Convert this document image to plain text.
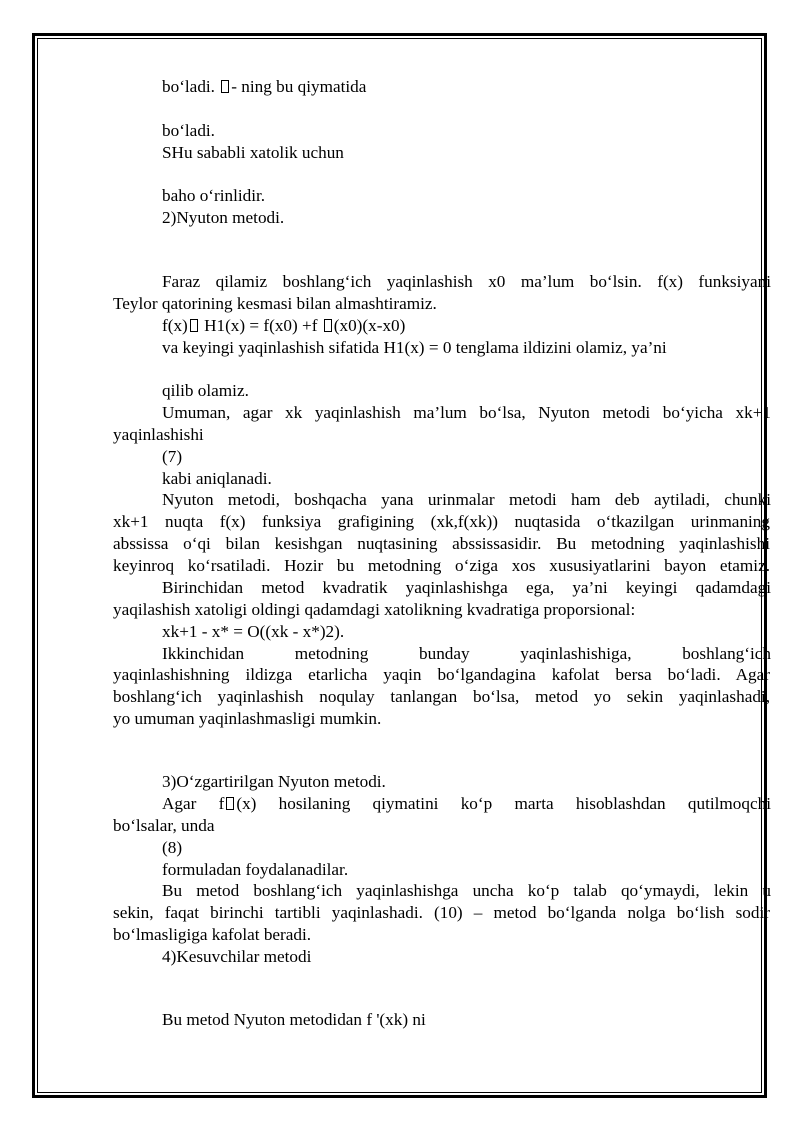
bo‘ladi. - ning bu qiymatida
bo‘ladi.
SHu sababli xatolik uchun
baho o‘rinlidir.
2)Nyuton metodi.
Faraz qilamiz boshlang‘ich yaqinlashish x0 ma’lum bo‘lsin. f(x) funksiyani
Teylor qatorining kesmasi bilan almashtiramiz.
f(x) H1(x) = f(x0) +f (x0)(x-x0)
va keyingi yaqinlashish sifatida H1(x) = 0 tenglama ildizini olamiz, ya’ni
qilib olamiz.
Umuman, agar xk yaqinlashish ma’lum bo‘lsa, Nyuton metodi bo‘yicha xk+1
yaqinlashishi
(7)
kabi aniqlanadi.
Nyuton metodi, boshqacha yana urinmalar metodi ham deb aytiladi, chunki
xk+1 nuqta f(x) funksiya grafigining (xk,f(xk)) nuqtasida o‘tkazilgan urinmaning
abssissa o‘qi bilan kesishgan nuqtasining abssissasidir. Bu metodning yaqinlashishi
keyinroq ko‘rsatiladi. Hozir bu metodning o‘ziga xos xususiyatlarini bayon etamiz.
Birinchidan metod kvadratik yaqinlashishga ega, ya’ni keyingi qadamdagi
yaqilashish xatoligi oldingi qadamdagi xatolikning kvadratiga proporsional:
xk+1 - x* = O((xk - x*)2).
Ikkinchidan metodning bunday yaqinlashishiga, boshlang‘ich
yaqinlashishning ildizga etarlicha yaqin bo‘lgandagina kafolat bersa bo‘ladi. Agar
boshlang‘ich yaqinlashish noqulay tanlangan bo‘lsa, metod yo sekin yaqinlashadi,
yo umuman yaqinlashmasligi mumkin.
3)O‘zgartirilgan Nyuton metodi.
Agar f (x) hosilaning qiymatini ko‘p marta hisoblashdan qutilmoqchi
bo‘lsalar, unda
(8)
formuladan foydalanadilar.
Bu metod boshlang‘ich yaqinlashishga uncha ko‘p talab qo‘ymaydi, lekin u
sekin, faqat birinchi tartibli yaqinlashadi. (10) – metod bo‘lganda nolga bo‘lish sodir
bo‘lmasligiga kafolat beradi.
4)Kesuvchilar metodi
Bu metod Nyuton metodidan f '(xk) ni
